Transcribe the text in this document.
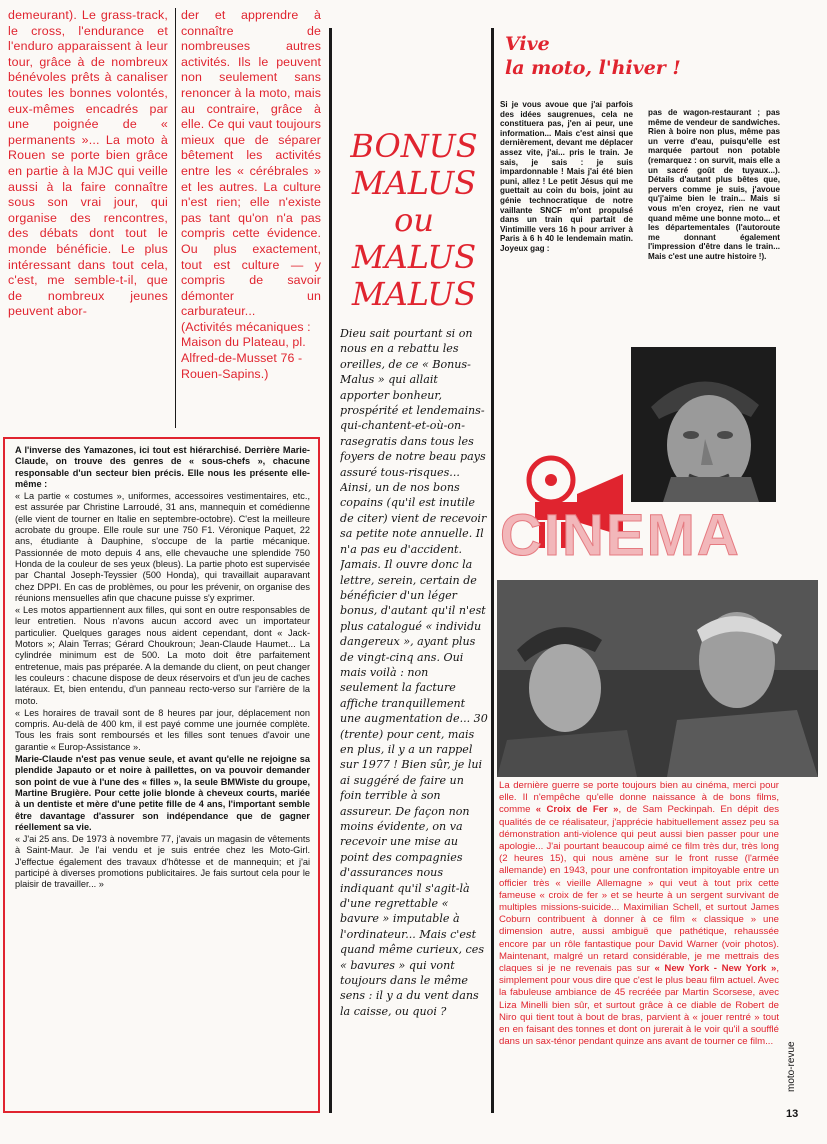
demeurant). Le grass-track, le cross, l'endurance et l'enduro apparaissent à leur tour, grâce à de nombreux bénévoles prêts à canaliser toutes les bonnes volontés, eux-mêmes encadrés par une poignée de « permanents »... La moto à Rouen se porte bien grâce en partie à la MJC qui veille aussi à la faire connaître sous son vrai jour, qui organise des rencontres, des débats dont tout le monde bénéficie. Le plus intéressant dans tout cela, c'est, me semble-t-il, que de nombreux jeunes peuvent abor-

der et apprendre à connaître de nombreuses autres activités. Ils le peuvent non seulement sans renoncer à la moto, mais au contraire, grâce à elle. Ce qui vaut toujours mieux que de séparer bêtement les activités entre les « cérébrales » et les autres. La culture n'est rien; elle n'existe pas tant qu'on n'a pas compris cette évidence. Ou plus exactement, tout est culture — y compris de savoir démonter un carburateur...

(Activités mécaniques : Maison du Plateau, pl. Alfred-de-Musset 76 - Rouen-Sapins.)

A l'inverse des Yamazones, ici tout est hiérarchisé. Derrière Marie-Claude, on trouve des genres de « sous-chefs », chacune responsable d'un secteur bien précis. Elle nous les présente elle-même :

« La partie « costumes », uniformes, accessoires vestimentaires, etc., est assurée par Christine Larroudé, 31 ans, mannequin et comédienne (elle vient de tourner en Italie en septembre-octobre). C'est la meilleure acrobate du groupe. Elle roule sur une 750 F1. Véronique Paquet, 22 ans, étudiante à Dauphine, s'occupe de la partie mécanique. Passionnée de moto depuis 4 ans, elle chevauche une splendide 750 Honda de la couleur de ses yeux (bleus). La partie photo est supervisée par Chantal Joseph-Teyssier (500 Honda), qui travaillait auparavant chez DPPI. En cas de problèmes, ou pour les prévenir, on organise des réunions mensuelles afin que chacune puisse s'y exprimer.

« Les motos appartiennent aux filles, qui sont en outre responsables de leur entretien. Nous n'avons aucun accord avec un importateur particulier. Quelques garages nous aident cependant, dont « Jack-Motors »; Alain Terras; Gérard Choukroun; Jean-Claude Haumet... La cylindrée minimum est de 500. La moto doit être parfaitement entretenue, mais pas préparée. A la demande du client, on peut changer les couleurs : chacune dispose de deux réservoirs et d'un jeu de caches latéraux. Et, bien entendu, d'un panneau recto-verso sur l'arrière de la moto.

« Les horaires de travail sont de 8 heures par jour, déplacement non compris. Au-delà de 400 km, il est payé comme une journée complète. Tous les frais sont remboursés et les filles sont tenues d'avoir une garantie « Europ-Assistance ».

Marie-Claude n'est pas venue seule, et avant qu'elle ne rejoigne sa plendide Japauto or et noire à paillettes, on va pouvoir demander son point de vue à l'une des « filles », la seule BMWiste du groupe, Martine Brugière. Pour cette jolie blonde à cheveux courts, mariée à un dentiste et mère d'une petite fille de 4 ans, l'important semble être davantage d'assurer son indépendance que de gagner réellement sa vie.

« J'ai 25 ans. De 1973 à novembre 77, j'avais un magasin de vêtements à Saint-Maur. Je l'ai vendu et je suis entrée chez les Moto-Girl. J'effectue également des travaux d'hôtesse et de mannequin; et j'ai participé à diverses promotions publicitaires. Je fais surtout cela pour le plaisir de travailler... »

BONUS
MALUS
ou
MALUS
MALUS

Dieu sait pourtant si on nous en a rebattu les oreilles, de ce « Bonus-Malus » qui allait apporter bonheur, prospérité et lendemains-qui-chantent-et-où-on-rasegratis dans tous les foyers de notre beau pays assuré tous-risques... Ainsi, un de nos bons copains (qu'il est inutile de citer) vient de recevoir sa petite note annuelle. Il n'a pas eu d'accident. Jamais. Il ouvre donc la lettre, serein, certain de bénéficier d'un léger bonus, d'autant qu'il n'est plus catalogué « individu dangereux », ayant plus de vingt-cinq ans. Oui mais voilà : non seulement la facture affiche tranquillement une augmentation de... 30 (trente) pour cent, mais en plus, il y a un rappel sur 1977 ! Bien sûr, je lui ai suggéré de faire un foin terrible à son assureur. De façon non moins évidente, on va recevoir une mise au point des compagnies d'assurances nous indiquant qu'il s'agit-là d'une regrettable « bavure » imputable à l'ordinateur... Mais c'est quand même curieux, ces « bavures » qui vont toujours dans le même sens : il y a du vent dans la caisse, ou quoi ?

Vive
la moto, l'hiver !

Si je vous avoue que j'ai parfois des idées saugrenues, cela ne constituera pas, j'en ai peur, une information... Mais c'est ainsi que dernièrement, devant me déplacer assez vite, j'ai... pris le train. Je sais, je sais : je suis impardonnable ! Mais j'ai été bien puni, allez ! Le petit Jésus qui me guettait au coin du bois, joint au génie technocratique de notre vaillante SNCF m'ont propulsé dans un train qui partait de Vintimille vers 16 h pour arriver à Paris à 6 h 40 le lendemain matin. Joyeux gag :

pas de wagon-restaurant ; pas même de vendeur de sandwiches. Rien à boire non plus, même pas un verre d'eau, puisqu'elle est marquée partout non potable (remarquez : on survit, mais elle a un sacré goût de tuyaux...). Détails d'autant plus bêtes que, pervers comme je suis, j'avoue qu'j'aime bien le train... Mais si vous m'en croyez, rien ne vaut quand même une bonne moto... et les départementales (l'autoroute me donnant également l'impression d'être dans le train... Mais c'est une autre histoire !).

CINEMA
La dernière guerre se porte toujours bien au cinéma, merci pour elle. Il n'empêche qu'elle donne naissance à de bons films, comme « Croix de Fer », de Sam Peckinpah. En dépit des qualités de ce réalisateur, j'apprécie habituellement assez peu sa démonstration anti-violence qui peut aussi bien passer pour une apologie... J'ai pourtant beaucoup aimé ce film très dur, très long (2 heures 15), qui nous amène sur le front russe (l'armée allemande) en 1943, pour une confrontation impitoyable entre un officier très « vieille Allemagne » qui veut à tout prix cette fameuse « croix de fer » et se heurte à un sergent survivant de multiples missions-suicide... Maximilian Schell, et surtout James Coburn contribuent à donner à ce film « classique » une dimension autre, aussi ambiguë que pathétique, rehaussée encore par un rôle fantastique pour David Warner (voir photos). Maintenant, malgré un retard considérable, je me mettrais des claques si je ne revenais pas sur « New York - New York », simplement pour vous dire que c'est le plus beau film actuel. Avec la fabuleuse ambiance de 45 recréée par Martin Scorsese, avec Liza Minelli bien sûr, et surtout grâce à ce diable de Robert de Niro qui tient tout à bout de bras, parvient à « jouer rentré » tout en en faisant des tonnes et dont on jurerait à le voir qu'il a soufflé dans un sax-ténor pendant quinze ans avant de tourner ce film...	moto-revue
13
